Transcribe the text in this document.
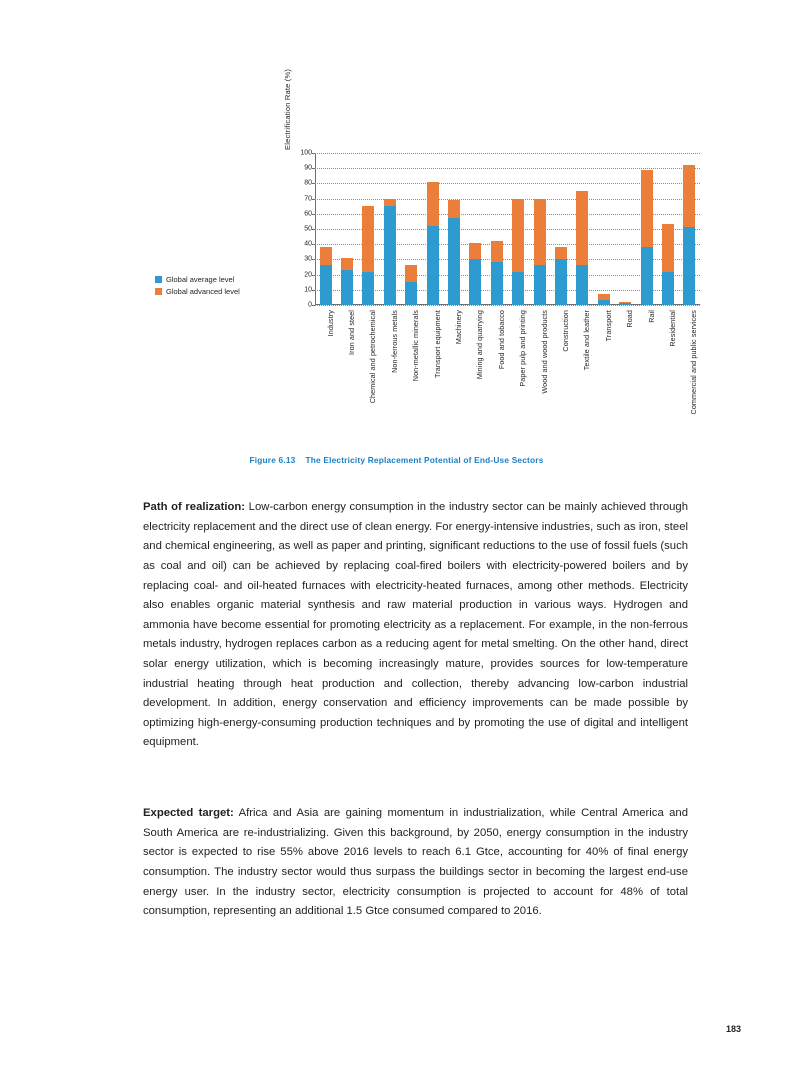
Electrification Rate (%)
0
10
20
30
40
50
60
70
80
90
100
Industry Iron and steel Chemical and petrochemical Non-ferrous metals Non-metallic minerals Transport equipment Machinery Mining and quarrying Food and tobacco Paper pulp and printing Wood and wood products Construction Textile and leather Transport Road Rail Residential Commercial and public services
Global average level
Global advanced level
Figure 6.13 The Electricity Replacement Potential of End-Use Sectors

Path of realization: Low-carbon energy consumption in the industry sector can be mainly achieved through electricity replacement and the direct use of clean energy. For energy-intensive industries, such as iron, steel and chemical engineering, as well as paper and printing, significant reductions to the use of fossil fuels (such as coal and oil) can be achieved by replacing coal-fired boilers with electricity-powered boilers and by replacing coal- and oil-heated furnaces with electricity-heated furnaces, among other methods. Electricity also enables organic material synthesis and raw material production in various ways. Hydrogen and ammonia have become essential for promoting electricity as a replacement. For example, in the non-ferrous metals industry, hydrogen replaces carbon as a reducing agent for metal smelting. On the other hand, direct solar energy utilization, which is becoming increasingly mature, provides sources for low-temperature industrial heating through heat production and collection, thereby advancing low-carbon industrial development. In addition, energy conservation and efficiency improvements can be made possible by optimizing high-energy-consuming production techniques and by promoting the use of digital and intelligent equipment.

Expected target: Africa and Asia are gaining momentum in industrialization, while Central America and South America are re-industrializing. Given this background, by 2050, energy consumption in the industry sector is expected to rise 55% above 2016 levels to reach 6.1 Gtce, accounting for 40% of final energy consumption. The industry sector would thus surpass the buildings sector in becoming the largest end-use energy user. In the industry sector, electricity consumption is projected to account for 48% of total consumption, representing an additional 1.5 Gtce consumed compared to 2016.

183
